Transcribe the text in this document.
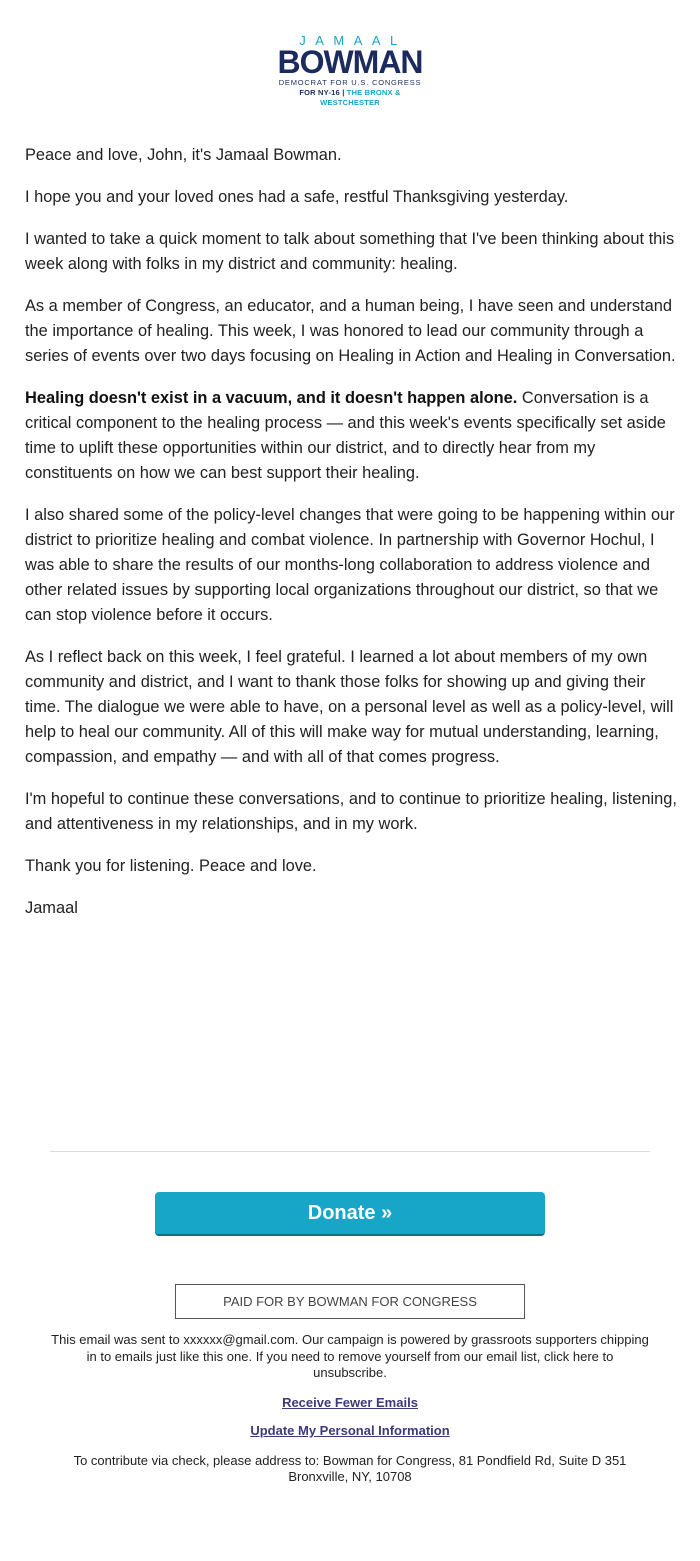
JAMAAL
BOWMAN
DEMOCRAT FOR U.S. CONGRESS
FOR NY-16 | THE BRONX & WESTCHESTER

Peace and love, John, it's Jamaal Bowman.

I hope you and your loved ones had a safe, restful Thanksgiving yesterday.

I wanted to take a quick moment to talk about something that I've been thinking about this week along with folks in my district and community: healing.

As a member of Congress, an educator, and a human being, I have seen and understand the importance of healing. This week, I was honored to lead our community through a series of events over two days focusing on Healing in Action and Healing in Conversation.

Healing doesn't exist in a vacuum, and it doesn't happen alone. Conversation is a critical component to the healing process — and this week's events specifically set aside time to uplift these opportunities within our district, and to directly hear from my constituents on how we can best support their healing.

I also shared some of the policy-level changes that were going to be happening within our district to prioritize healing and combat violence. In partnership with Governor Hochul, I was able to share the results of our months-long collaboration to address violence and other related issues by supporting local organizations throughout our district, so that we can stop violence before it occurs.

As I reflect back on this week, I feel grateful. I learned a lot about members of my own community and district, and I want to thank those folks for showing up and giving their time. The dialogue we were able to have, on a personal level as well as a policy-level, will help to heal our community. All of this will make way for mutual understanding, learning, compassion, and empathy — and with all of that comes progress.

I'm hopeful to continue these conversations, and to continue to prioritize healing, listening, and attentiveness in my relationships, and in my work.

Thank you for listening. Peace and love.

Jamaal

Donate »
PAID FOR BY BOWMAN FOR CONGRESS
This email was sent to xxxxxx@gmail.com. Our campaign is powered by grassroots supporters chipping in to emails just like this one. If you need to remove yourself from our email list, click here to unsubscribe.
Receive Fewer Emails
Update My Personal Information
To contribute via check, please address to: Bowman for Congress, 81 Pondfield Rd, Suite D 351 Bronxville, NY, 10708
